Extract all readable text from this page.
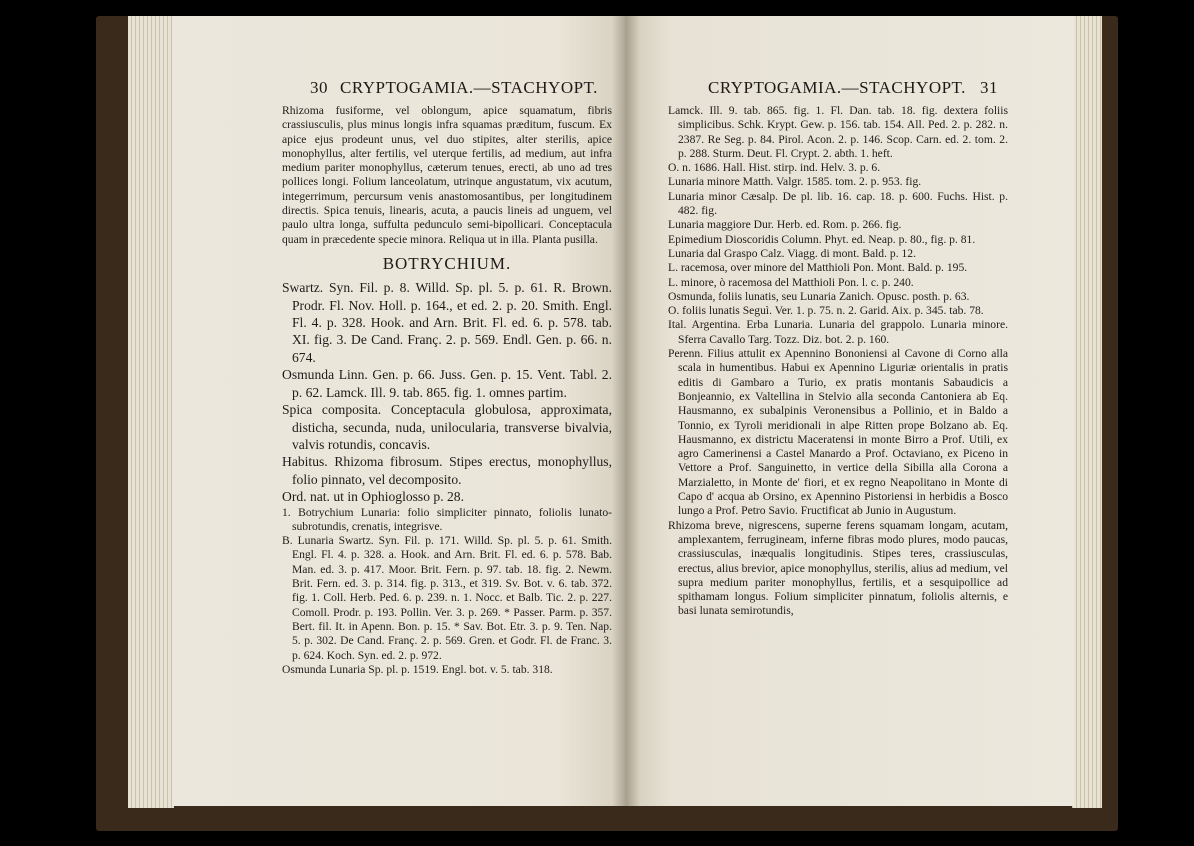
30 CRYPTOGAMIA.—STACHYOPT.

Rhizoma fusiforme, vel oblongum, apice squamatum, fibris crassiusculis, plus minus longis infra squamas præditum, fuscum. Ex apice ejus prodeunt unus, vel duo stipites, alter sterilis, apice monophyllus, alter fertilis, vel uterque fertilis, ad medium, aut infra medium pariter monophyllus, cæterum tenues, erecti, ab uno ad tres pollices longi. Folium lanceolatum, utrinque angustatum, vix acutum, integerrimum, percursum venis anastomosantibus, per longitudinem directis. Spica tenuis, linearis, acuta, a paucis lineis ad unguem, vel paulo ultra longa, suffulta pedunculo semi-bipollicari. Conceptacula quam in præcedente specie minora. Reliqua ut in illa. Planta pusilla.

BOTRYCHIUM.

Swartz. Syn. Fil. p. 8. Willd. Sp. pl. 5. p. 61. R. Brown. Prodr. Fl. Nov. Holl. p. 164., et ed. 2. p. 20. Smith. Engl. Fl. 4. p. 328. Hook. and Arn. Brit. Fl. ed. 6. p. 578. tab. XI. fig. 3. De Cand. Franç. 2. p. 569. Endl. Gen. p. 66. n. 674.

Osmunda Linn. Gen. p. 66. Juss. Gen. p. 15. Vent. Tabl. 2. p. 62. Lamck. Ill. 9. tab. 865. fig. 1. omnes partim.

Spica composita. Conceptacula globulosa, approximata, disticha, secunda, nuda, unilocularia, transverse bivalvia, valvis rotundis, concavis.

Habitus. Rhizoma fibrosum. Stipes erectus, monophyllus, folio pinnato, vel decomposito.

Ord. nat. ut in Ophioglosso p. 28.

1. Botrychium Lunaria: folio simpliciter pinnato, foliolis lunato-subrotundis, crenatis, integrisve.

B. Lunaria Swartz. Syn. Fil. p. 171. Willd. Sp. pl. 5. p. 61. Smith. Engl. Fl. 4. p. 328. a. Hook. and Arn. Brit. Fl. ed. 6. p. 578. Bab. Man. ed. 3. p. 417. Moor. Brit. Fern. p. 97. tab. 18. fig. 2. Newm. Brit. Fern. ed. 3. p. 314. fig. p. 313., et 319. Sv. Bot. v. 6. tab. 372. fig. 1. Coll. Herb. Ped. 6. p. 239. n. 1. Nocc. et Balb. Tic. 2. p. 227. Comoll. Prodr. p. 193. Pollin. Ver. 3. p. 269. * Passer. Parm. p. 357. Bert. fil. It. in Apenn. Bon. p. 15. * Sav. Bot. Etr. 3. p. 9. Ten. Nap. 5. p. 302. De Cand. Franç. 2. p. 569. Gren. et Godr. Fl. de Franc. 3. p. 624. Koch. Syn. ed. 2. p. 972.

Osmunda Lunaria Sp. pl. p. 1519. Engl. bot. v. 5. tab. 318.

CRYPTOGAMIA.—STACHYOPT. 31

Lamck. Ill. 9. tab. 865. fig. 1. Fl. Dan. tab. 18. fig. dextera foliis simplicibus. Schk. Krypt. Gew. p. 156. tab. 154. All. Ped. 2. p. 282. n. 2387. Re Seg. p. 84. Pirol. Acon. 2. p. 146. Scop. Carn. ed. 2. tom. 2. p. 288. Sturm. Deut. Fl. Crypt. 2. abth. 1. heft.

O. n. 1686. Hall. Hist. stirp. ind. Helv. 3. p. 6.

Lunaria minore Matth. Valgr. 1585. tom. 2. p. 953. fig.

Lunaria minor Cæsalp. De pl. lib. 16. cap. 18. p. 600. Fuchs. Hist. p. 482. fig.

Lunaria maggiore Dur. Herb. ed. Rom. p. 266. fig.

Epimedium Dioscoridis Column. Phyt. ed. Neap. p. 80., fig. p. 81.

Lunaria dal Graspo Calz. Viagg. di mont. Bald. p. 12.

L. racemosa, over minore del Matthioli Pon. Mont. Bald. p. 195.

L. minore, ò racemosa del Matthioli Pon. l. c. p. 240.

Osmunda, foliis lunatis, seu Lunaria Zanich. Opusc. posth. p. 63.

O. foliis lunatis Seguì. Ver. 1. p. 75. n. 2. Garid. Aix. p. 345. tab. 78.

Ital. Argentina. Erba Lunaria. Lunaria del grappolo. Lunaria minore. Sferra Cavallo Targ. Tozz. Diz. bot. 2. p. 160.

Perenn. Filius attulit ex Apennino Bononiensi al Cavone di Corno alla scala in humentibus. Habui ex Apennino Liguriæ orientalis in pratis editis di Gambaro a Turio, ex pratis montanis Sabaudicis a Bonjeannio, ex Valtellina in Stelvio alla seconda Cantoniera ab Eq. Hausmanno, ex subalpinis Veronensibus a Pollinio, et in Baldo a Tonnio, ex Tyroli meridionali in alpe Ritten prope Bolzano ab. Eq. Hausmanno, ex districtu Maceratensi in monte Birro a Prof. Utili, ex agro Camerinensi a Castel Manardo a Prof. Octaviano, ex Piceno in Vettore a Prof. Sanguinetto, in vertice della Sibilla alla Corona a Marzialetto, in Monte de' fiori, et ex regno Neapolitano in Monte di Capo d' acqua ab Orsino, ex Apennino Pistoriensi in herbidis a Bosco lungo a Prof. Petro Savio. Fructificat ab Junio in Augustum.

Rhizoma breve, nigrescens, superne ferens squamam longam, acutam, amplexantem, ferrugineam, inferne fibras modo plures, modo paucas, crassiusculas, inæqualis longitudinis. Stipes teres, crassiusculas, erectus, alius brevior, apice monophyllus, sterilis, alius ad medium, vel supra medium pariter monophyllus, fertilis, et a sesquipollice ad spithamam longus. Folium simpliciter pinnatum, foliolis alternis, e basi lunata semirotundis,
